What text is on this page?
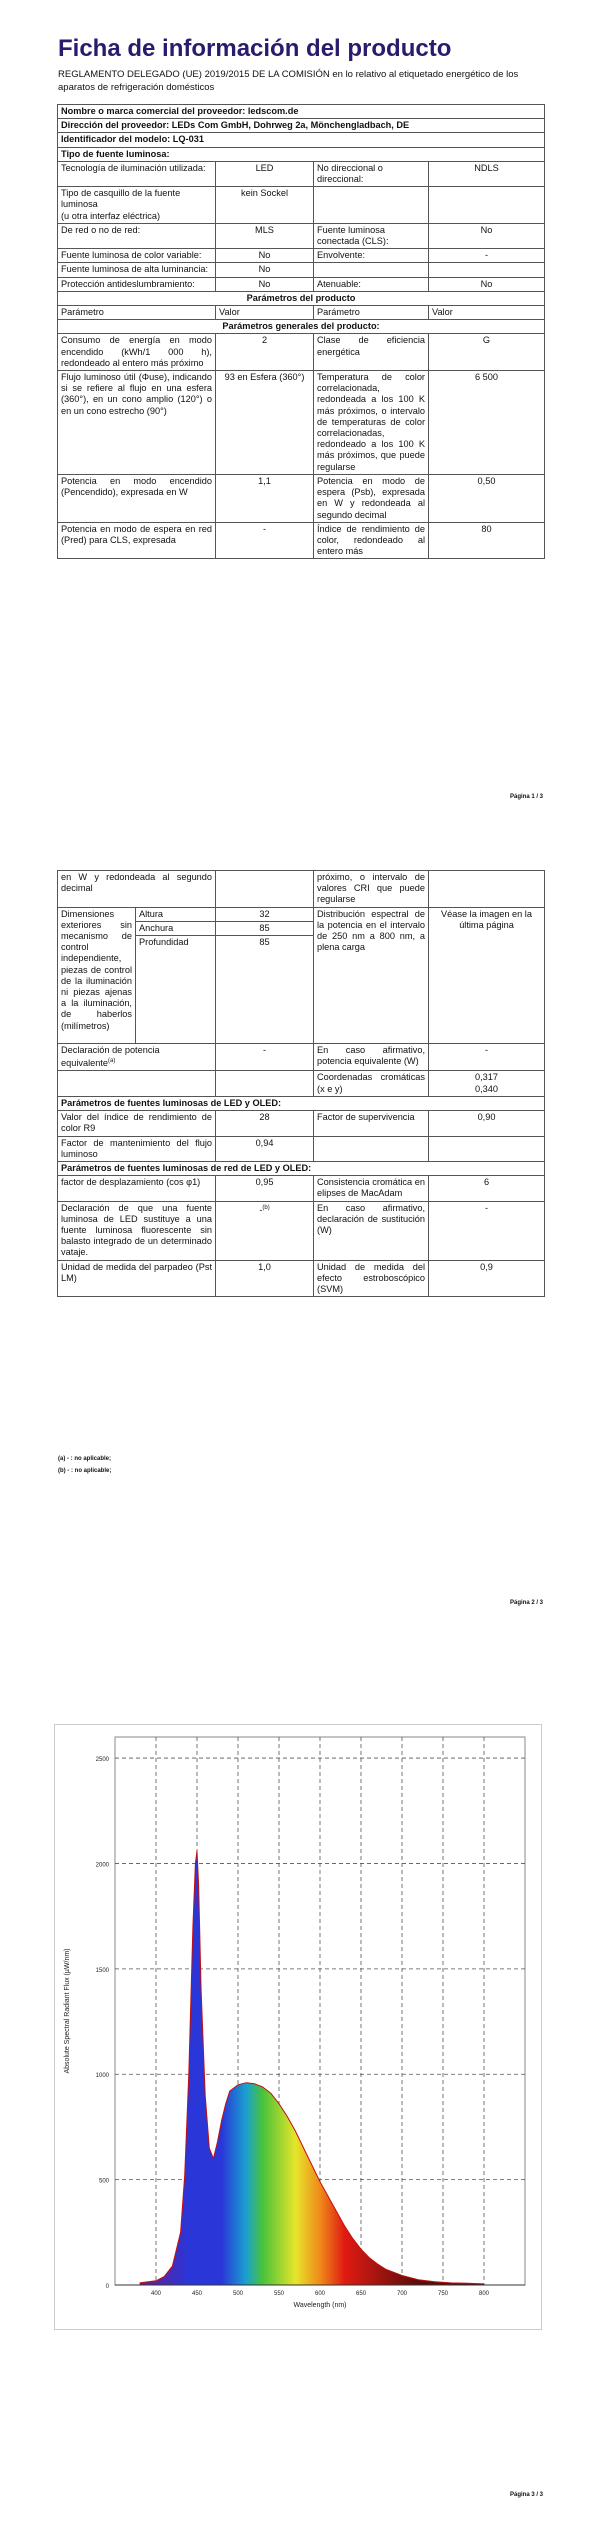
Ficha de información del producto
REGLAMENTO DELEGADO (UE) 2019/2015 DE LA COMISIÓN en lo relativo al etiquetado energético de los aparatos de refrigeración domésticos
Nombre o marca comercial del proveedor: ledscom.de			
Dirección del proveedor: LEDs Com GmbH, Dohrweg 2a, Mönchengladbach, DE			
Identificador del modelo: LQ-031			
Tipo de fuente luminosa:			
Tecnología de iluminación utilizada:	LED	No direccional o direccional:	NDLS
Tipo de casquillo de la fuente luminosa
(u otra interfaz eléctrica)	kein Sockel		
De red o no de red:	MLS	Fuente luminosa conectada (CLS):	No
Fuente luminosa de color variable:	No	Envolvente:	-
Fuente luminosa de alta luminancia:	No		
Protección antideslumbramiento:	No	Atenuable:	No
Parámetros del producto			
Parámetro	Valor	Parámetro	Valor
Parámetros generales del producto:			
Consumo de energía en modo encendido (kWh/1 000 h), redondeado al entero más próximo	2	Clase de eficiencia energética	G
Flujo luminoso útil (Φuse), indicando si se refiere al flujo en una esfera (360°), en un cono amplio (120°) o en un cono estrecho (90°)	93 en Esfera (360°)	Temperatura de color correlacionada, redondeada a los 100 K más próximos, o intervalo de temperaturas de color correlacionadas, redondeado a los 100 K más próximos, que puede regularse	6 500
Potencia en modo encendido (Pencendido), expresada en W	1,1	Potencia en modo de espera (Psb), expresada en W y redondeada al segundo decimal	0,50
Potencia en modo de espera en red (Pred) para CLS, expresada	-	Índice de rendimiento de color, redondeado al entero más	80
Página 1 / 3
en W y redondeada al segundo decimal			próximo, o intervalo de valores CRI que puede regularse	
Dimensiones exteriores sin mecanismo de control independiente, piezas de control de la iluminación ni piezas ajenas a la iluminación, de haberlos (milímetros)	Altura	32	Distribución espectral de la potencia en el intervalo de 250 nm a 800 nm, a plena carga	Véase la imagen en la última página
	Anchura	85		
	Profundidad	85		
Declaración de potencia equivalente$^{(a)}$		-	En caso afirmativo, potencia equivalente (W)	-
			Coordenadas cromáticas (x e y)	0,317
0,340
Parámetros de fuentes luminosas de LED y OLED:				
Valor del índice de rendimiento de color R9		28	Factor de supervivencia	0,90
Factor de mantenimiento del flujo luminoso		0,94		
Parámetros de fuentes luminosas de red de LED y OLED:				
factor de desplazamiento (cos φ1)		0,95	Consistencia cromática en elipses de MacAdam	6
Declaración de que una fuente luminosa de LED sustituye a una fuente luminosa fluorescente sin balasto integrado de un determinado vataje.		-$^{(b)}$	En caso afirmativo, declaración de sustitución (W)	-
Unidad de medida del parpadeo (Pst LM)		1,0	Unidad de medida del efecto estroboscópico (SVM)	0,9
(a) - : no aplicable;
(b) - : no aplicable;
Página 2 / 3
0
500
1000
1500
2000
2500
400	450	500	550	600	650	700	750	800
Wavelength (nm)
Absolute Spectral Radiant Flux (µW/nm)
Página 3 / 3
